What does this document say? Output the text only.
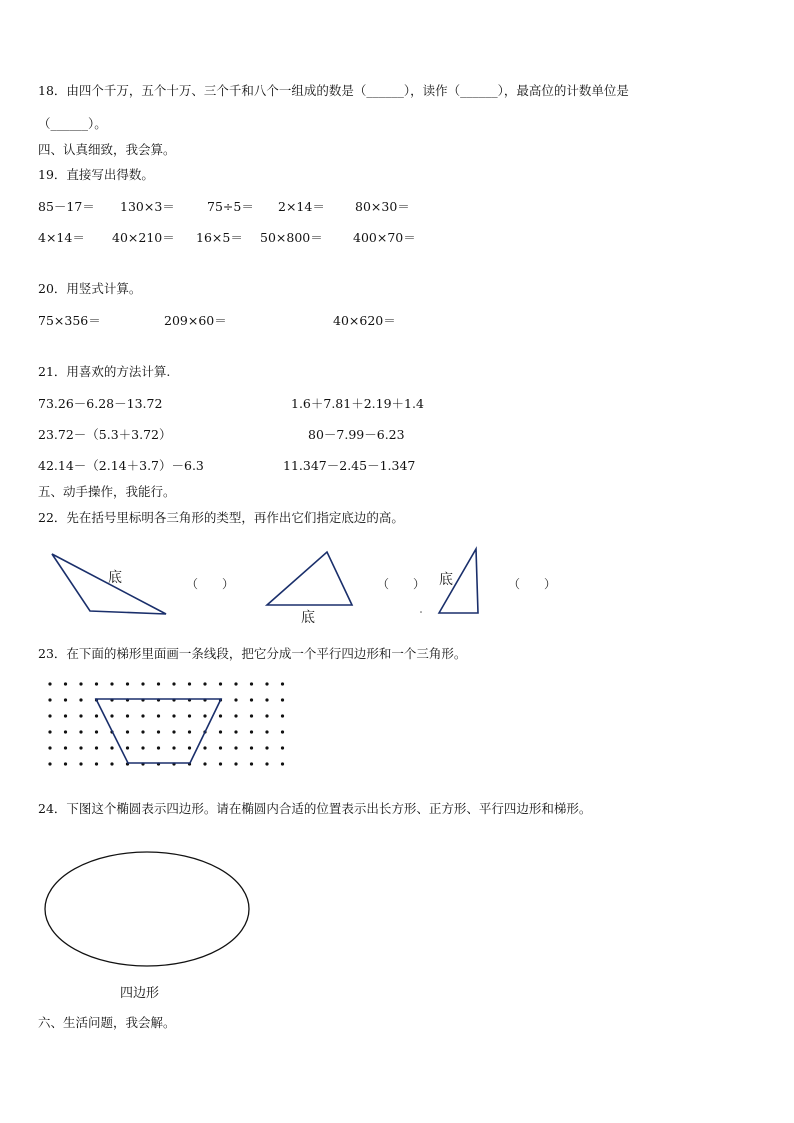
18．由四个千万，五个十万、三个千和八个一组成的数是（______），读作（______），最高位的计数单位是
（______）。
四、认真细致，我会算。
19．直接写出得数。
85－17＝ 130×3＝	75÷5＝ 2×14＝ 80×30＝
4×14＝ 40×210＝ 16×5＝ 50×800＝ 400×70＝
20．用竖式计算。
75×356＝	209×60＝	40×620＝
21．用喜欢的方法计算.
73.26－6.28－13.72	1.6＋7.81＋2.19＋1.4
23.72－（5.3＋3.72）	80－7.99－6.23
42.14－（2.14＋3.7）－6.3	11.347－2.45－1.347
五、动手操作，我能行。
22．先在括号里标明各三角形的类型，再作出它们指定底边的高。
底	（　　）
底
（　　） 底	（　　）
23．在下面的梯形里面画一条线段，把它分成一个平行四边形和一个三角形。
24．下图这个椭圆表示四边形。请在椭圆内合适的位置表示出长方形、正方形、平行四边形和梯形。
四边形
六、生活问题，我会解。
